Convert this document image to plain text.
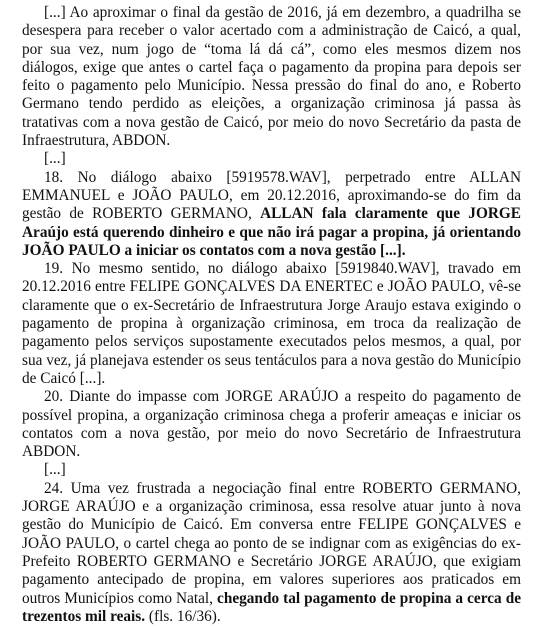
[...] Ao aproximar o final da gestão de 2016, já em dezembro, a quadrilha se desespera para receber o valor acertado com a administração de Caicó, a qual, por sua vez, num jogo de “toma lá dá cá”, como eles mesmos dizem nos diálogos, exige que antes o cartel faça o pagamento da propina para depois ser feito o pagamento pelo Município. Nessa pressão do final do ano, e Roberto Germano tendo perdido as eleições, a organização criminosa já passa às tratativas com a nova gestão de Caicó, por meio do novo Secretário da pasta de Infraestrutura, ABDON.

[...]

18. No diálogo abaixo [5919578.WAV], perpetrado entre ALLAN EMMANUEL e JOÃO PAULO, em 20.12.2016, aproximando-se do fim da gestão de ROBERTO GERMANO, ALLAN fala claramente que JORGE Araújo está querendo dinheiro e que não irá pagar a propina, já orientando JOÃO PAULO a iniciar os contatos com a nova gestão [...].

19. No mesmo sentido, no diálogo abaixo [5919840.WAV], travado em 20.12.2016 entre FELIPE GONÇALVES DA ENERTEC e JOÃO PAULO, vê-se claramente que o ex-Secretário de Infraestrutura Jorge Araujo estava exigindo o pagamento de propina à organização criminosa, em troca da realização de pagamento pelos serviços supostamente executados pelos mesmos, a qual, por sua vez, já planejava estender os seus tentáculos para a nova gestão do Município de Caicó [...].

20. Diante do impasse com JORGE ARAÚJO a respeito do pagamento de possível propina, a organização criminosa chega a proferir ameaças e iniciar os contatos com a nova gestão, por meio do novo Secretário de Infraestrutura ABDON.

[...]

24. Uma vez frustrada a negociação final entre ROBERTO GERMANO, JORGE ARAÚJO e a organização criminosa, essa resolve atuar junto à nova gestão do Município de Caicó. Em conversa entre FELIPE GONÇALVES e JOÃO PAULO, o cartel chega ao ponto de se indignar com as exigências do ex-Prefeito ROBERTO GERMANO e Secretário JORGE ARAÚJO, que exigiam pagamento antecipado de propina, em valores superiores aos praticados em outros Municípios como Natal, chegando tal pagamento de propina a cerca de trezentos mil reais. (fls. 16/36).
